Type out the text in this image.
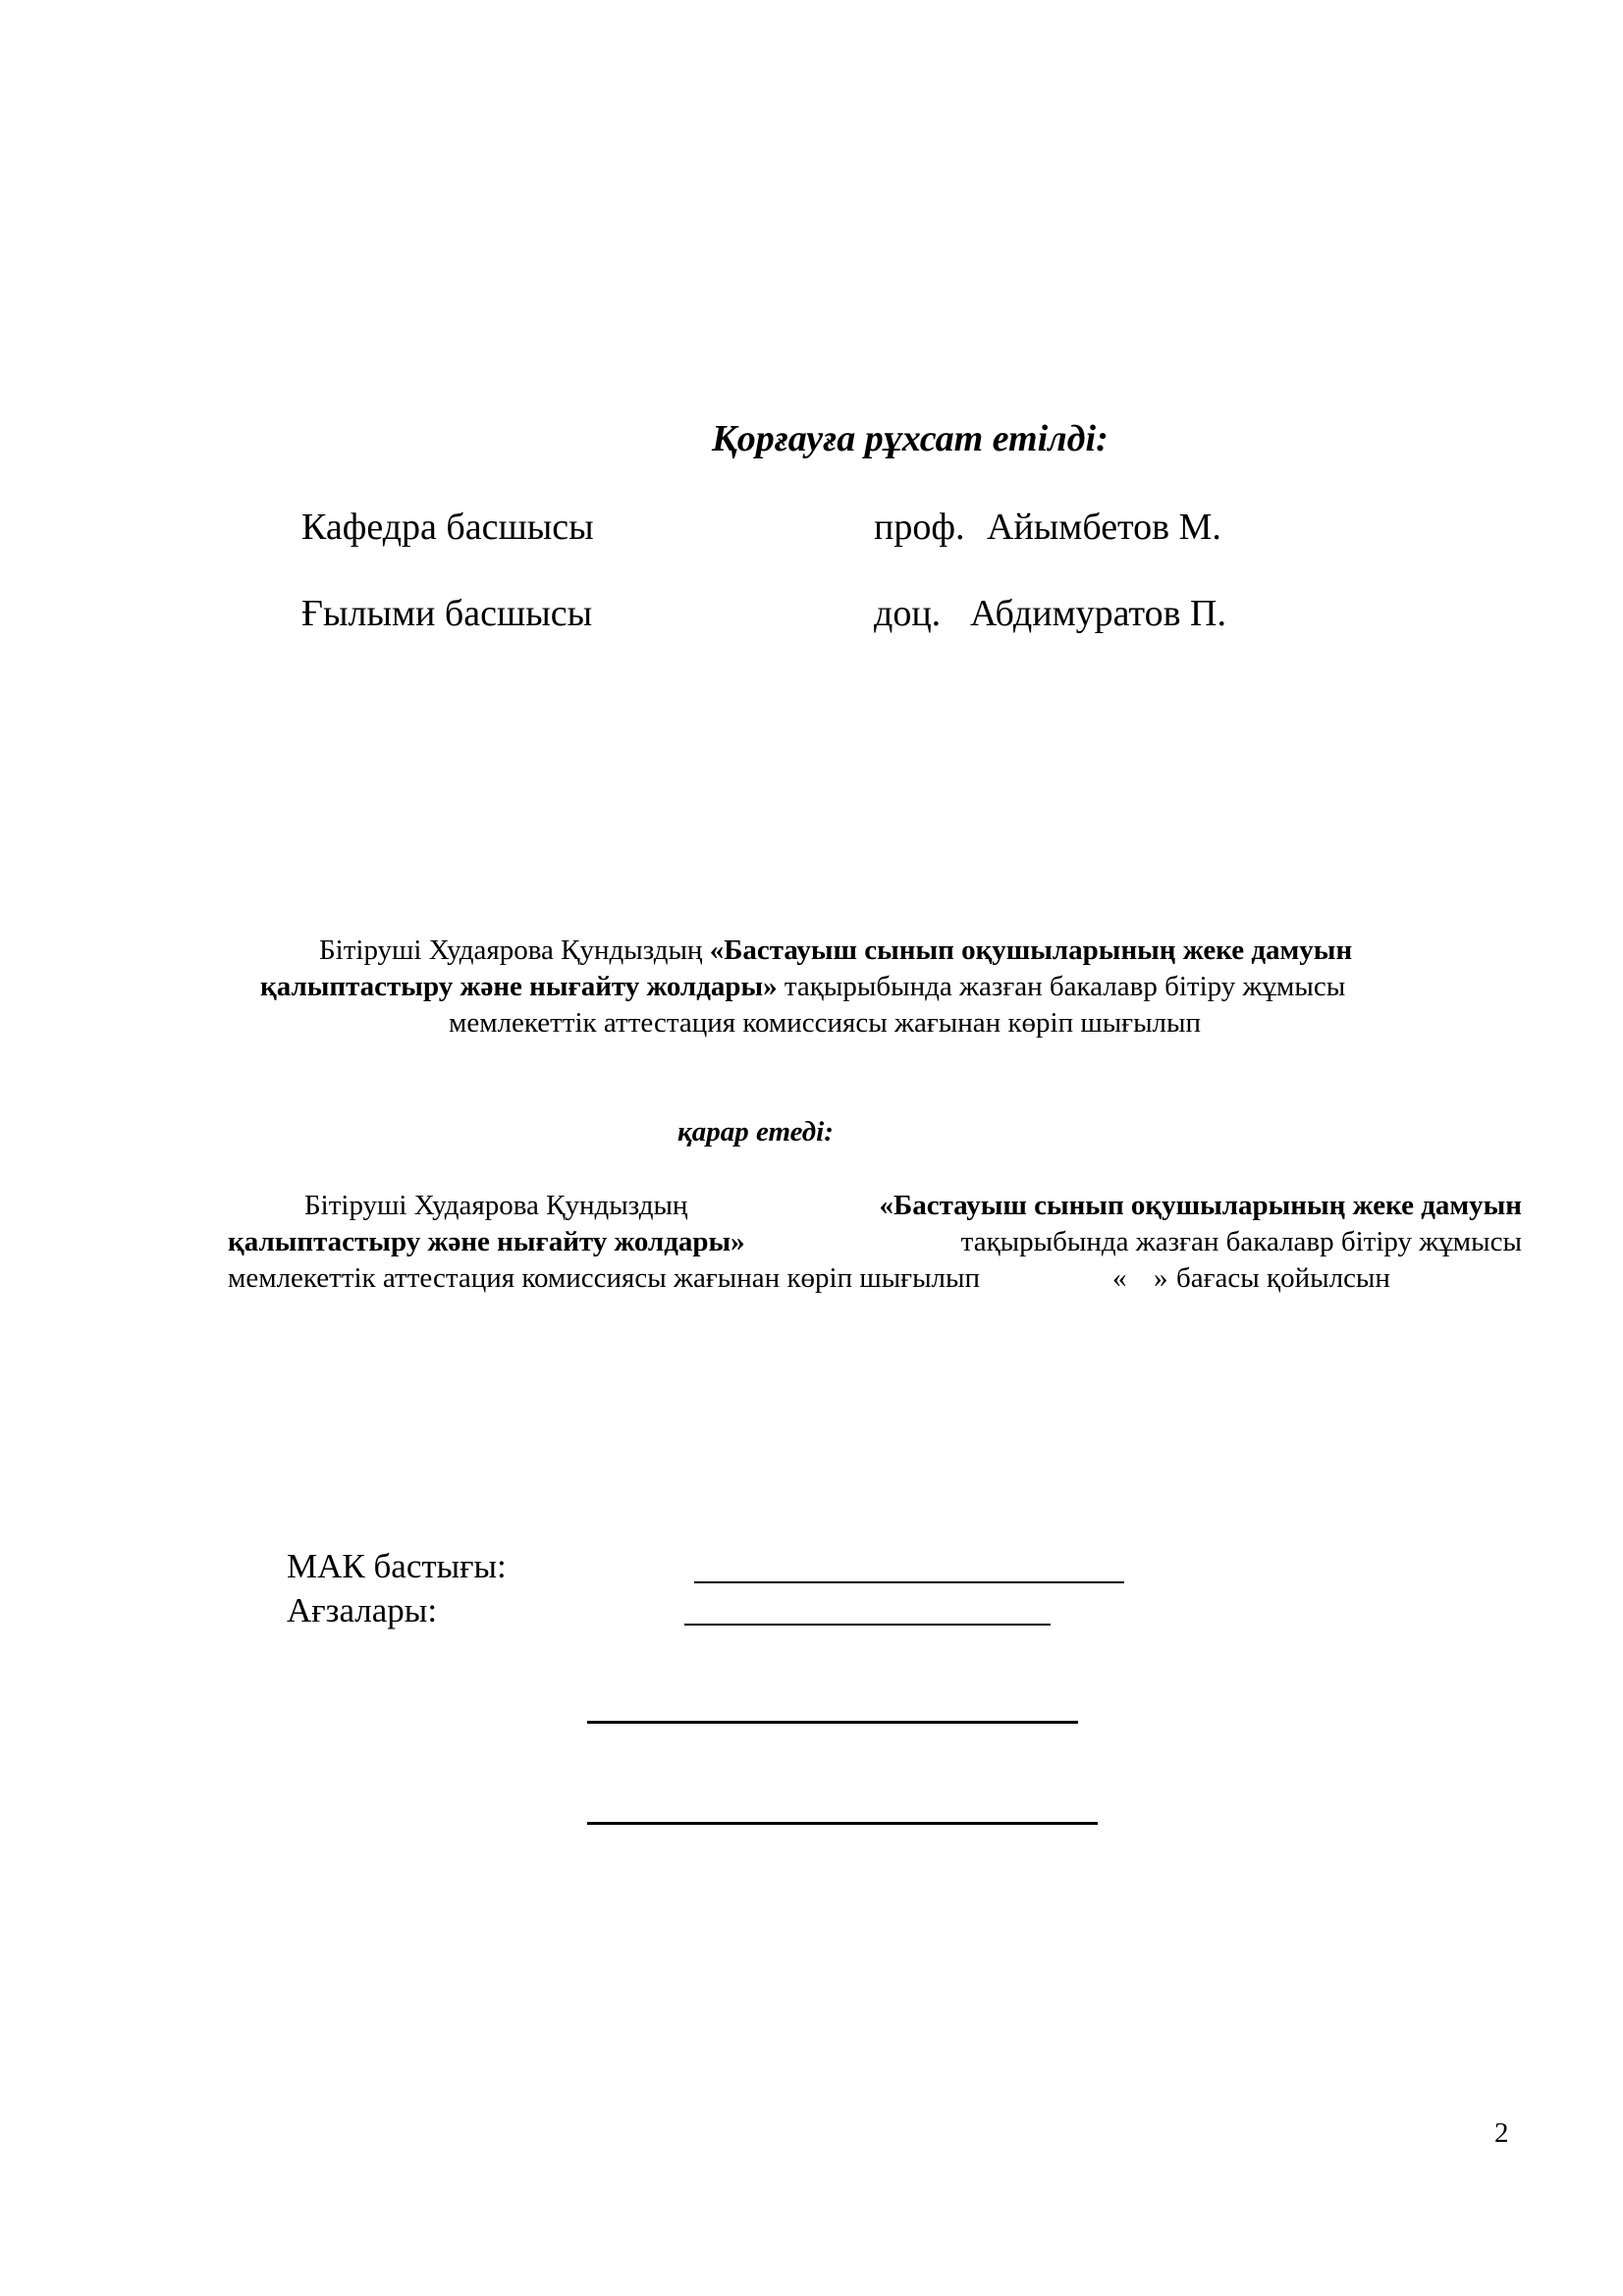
Қорғауға рұхсат етілді:
Кафедра басшысы	проф. Айымбетов М.
Ғылыми басшысы	доц. Абдимуратов П.
Бітіруші Худаярова Қундыздың «Бастауыш сынып оқушыларының жеке дамуын
қалыптастыру және нығайту жолдары» тақырыбында жазған бакалавр бітіру жұмысы
мемлекеттік аттестация комиссиясы жағынан көріп шығылып
қарар етеді:
Бітіруші Худаярова Қундыздың	«Бастауыш сынып оқушыларының жеке дамуын
қалыптастыру және нығайту жолдары»	тақырыбында жазған бакалавр бітіру жұмысы
мемлекеттік аттестация комиссиясы жағынан көріп шығылып	« » бағасы қойылсын
МАК бастығы:
Ағзалары:
2
